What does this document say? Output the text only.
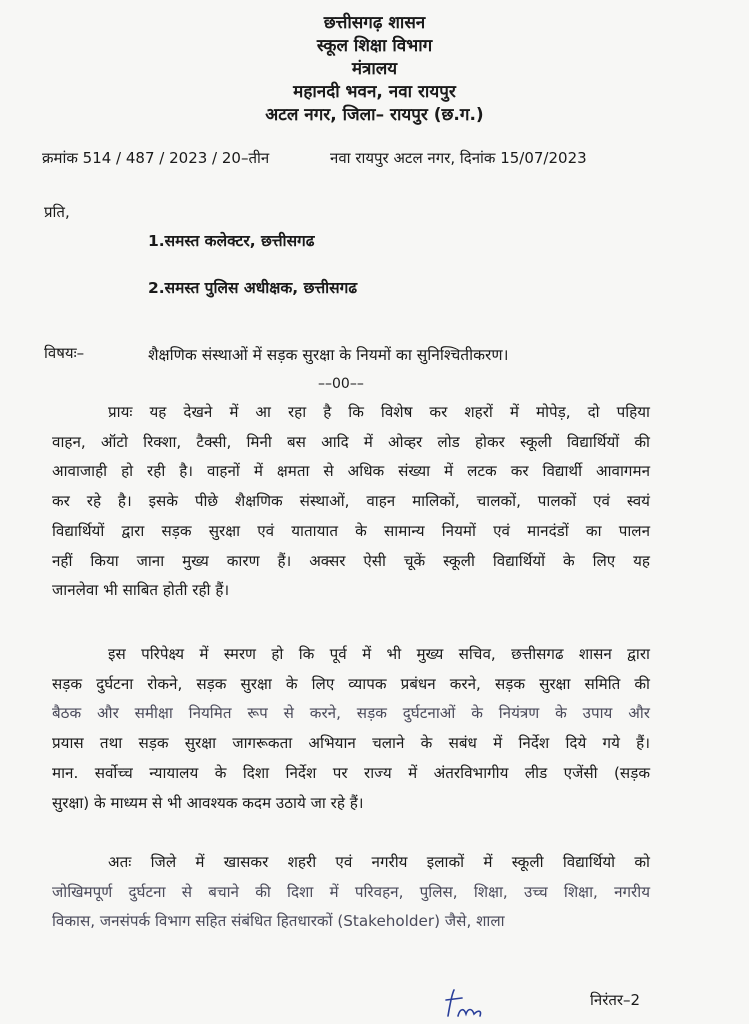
छत्तीसगढ़ शासन
स्कूल शिक्षा विभाग
मंत्रालय
महानदी भवन, नवा रायपुर
अटल नगर, जिला– रायपुर (छ.ग.)
क्रमांक 514 / 487 / 2023 / 20–तीन	नवा रायपुर अटल नगर, दिनांक 15/07/2023
प्रति,
1.समस्त कलेक्टर, छत्तीसगढ
2.समस्त पुलिस अधीक्षक, छत्तीसगढ
विषयः–	शैक्षणिक संस्थाओं में सड़क सुरक्षा के नियमों का सुनिश्चितीकरण।
––00––
प्रायः यह देखने में आ रहा है कि विशेष कर शहरों में मोपेड़, दो पहिया
वाहन, ऑटो रिक्शा, टैक्सी, मिनी बस आदि में ओव्हर लोड होकर स्कूली विद्यार्थियों की
आवाजाही हो रही है। वाहनों में क्षमता से अधिक संख्या में लटक कर विद्यार्थी आवागमन
कर रहे है। इसके पीछे शैक्षणिक संस्थाओं, वाहन मालिकों, चालकों, पालकों एवं स्वयं
विद्यार्थियों द्वारा सड़क सुरक्षा एवं यातायात के सामान्य नियमों एवं मानदंडों का पालन
नहीं किया जाना मुख्य कारण हैं। अक्सर ऐसी चूकें स्कूली विद्यार्थियों के लिए यह
जानलेवा भी साबित होती रही हैं।
इस परिपेक्ष्य में स्मरण हो कि पूर्व में भी मुख्य सचिव, छत्तीसगढ शासन द्वारा
सड़क दुर्घटना रोकने, सड़क सुरक्षा के लिए व्यापक प्रबंधन करने, सड़क सुरक्षा समिति की
बैठक और समीक्षा नियमित रूप से करने, सड़क दुर्घटनाओं के नियंत्रण के उपाय और
प्रयास तथा सड़क सुरक्षा जागरूकता अभियान चलाने के सबंध में निर्देश दिये गये हैं।
मान. सर्वोच्च न्यायालय के दिशा निर्देश पर राज्य में अंतरविभागीय लीड एजेंसी (सड़क
सुरक्षा) के माध्यम से भी आवश्यक कदम उठाये जा रहे हैं।
अतः जिले में खासकर शहरी एवं नगरीय इलाकों में स्कूली विद्यार्थियो को
जोखिमपूर्ण दुर्घटना से बचाने की दिशा में परिवहन, पुलिस, शिक्षा, उच्च शिक्षा, नगरीय
विकास, जनसंपर्क विभाग सहित संबंधित हितधारकों (Stakeholder) जैसे, शाला
निरंतर–2
